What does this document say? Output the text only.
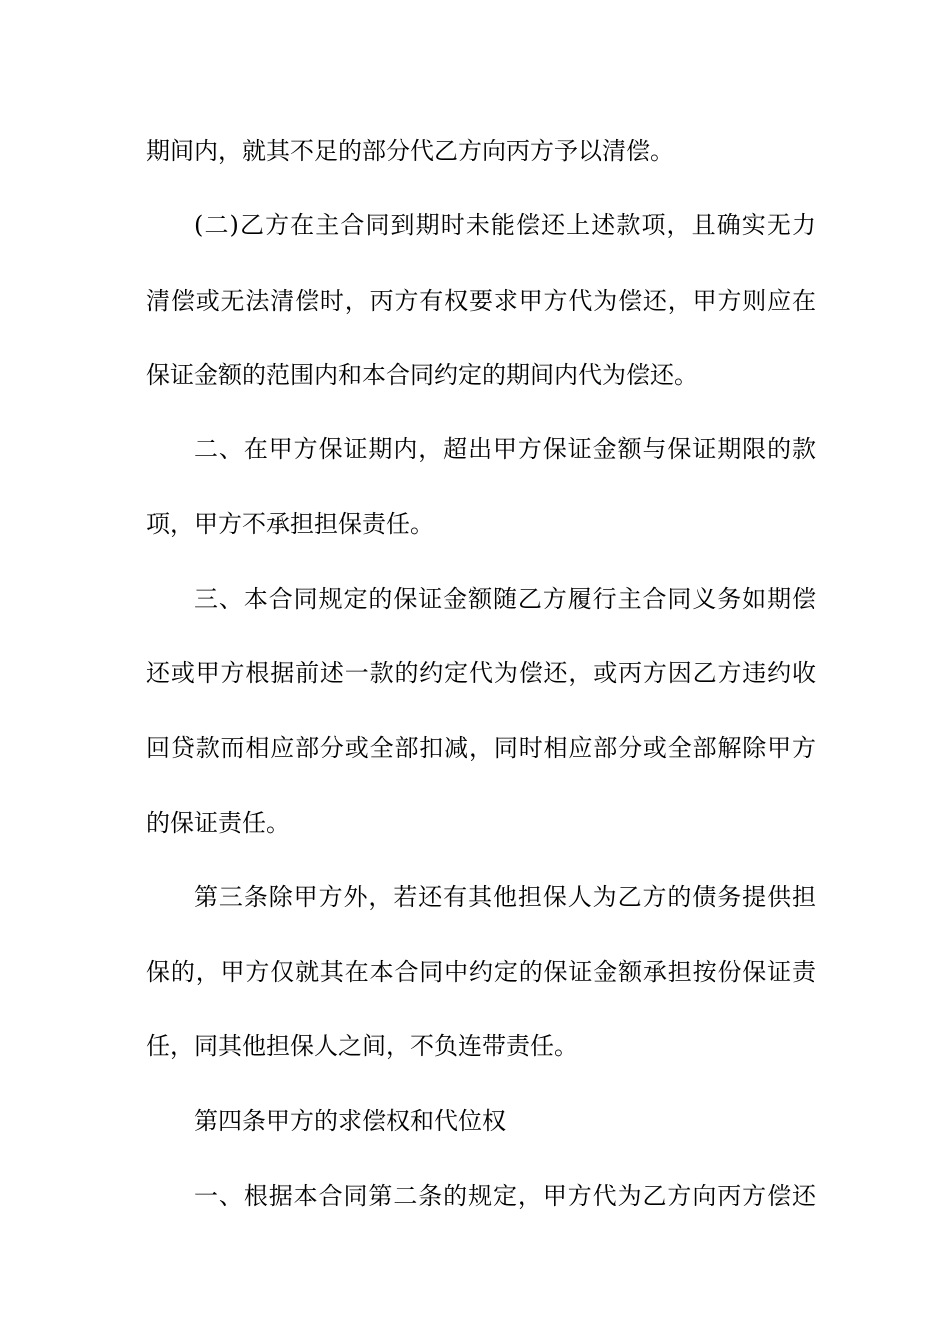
期间内，就其不足的部分代乙方向丙方予以清偿。
(二)乙方在主合同到期时未能偿还上述款项，且确实无力
清偿或无法清偿时，丙方有权要求甲方代为偿还，甲方则应在
保证金额的范围内和本合同约定的期间内代为偿还。
二、在甲方保证期内，超出甲方保证金额与保证期限的款
项，甲方不承担担保责任。
三、本合同规定的保证金额随乙方履行主合同义务如期偿
还或甲方根据前述一款的约定代为偿还，或丙方因乙方违约收
回贷款而相应部分或全部扣减，同时相应部分或全部解除甲方
的保证责任。
第三条除甲方外，若还有其他担保人为乙方的债务提供担
保的，甲方仅就其在本合同中约定的保证金额承担按份保证责
任，同其他担保人之间，不负连带责任。
第四条甲方的求偿权和代位权
一、根据本合同第二条的规定，甲方代为乙方向丙方偿还
